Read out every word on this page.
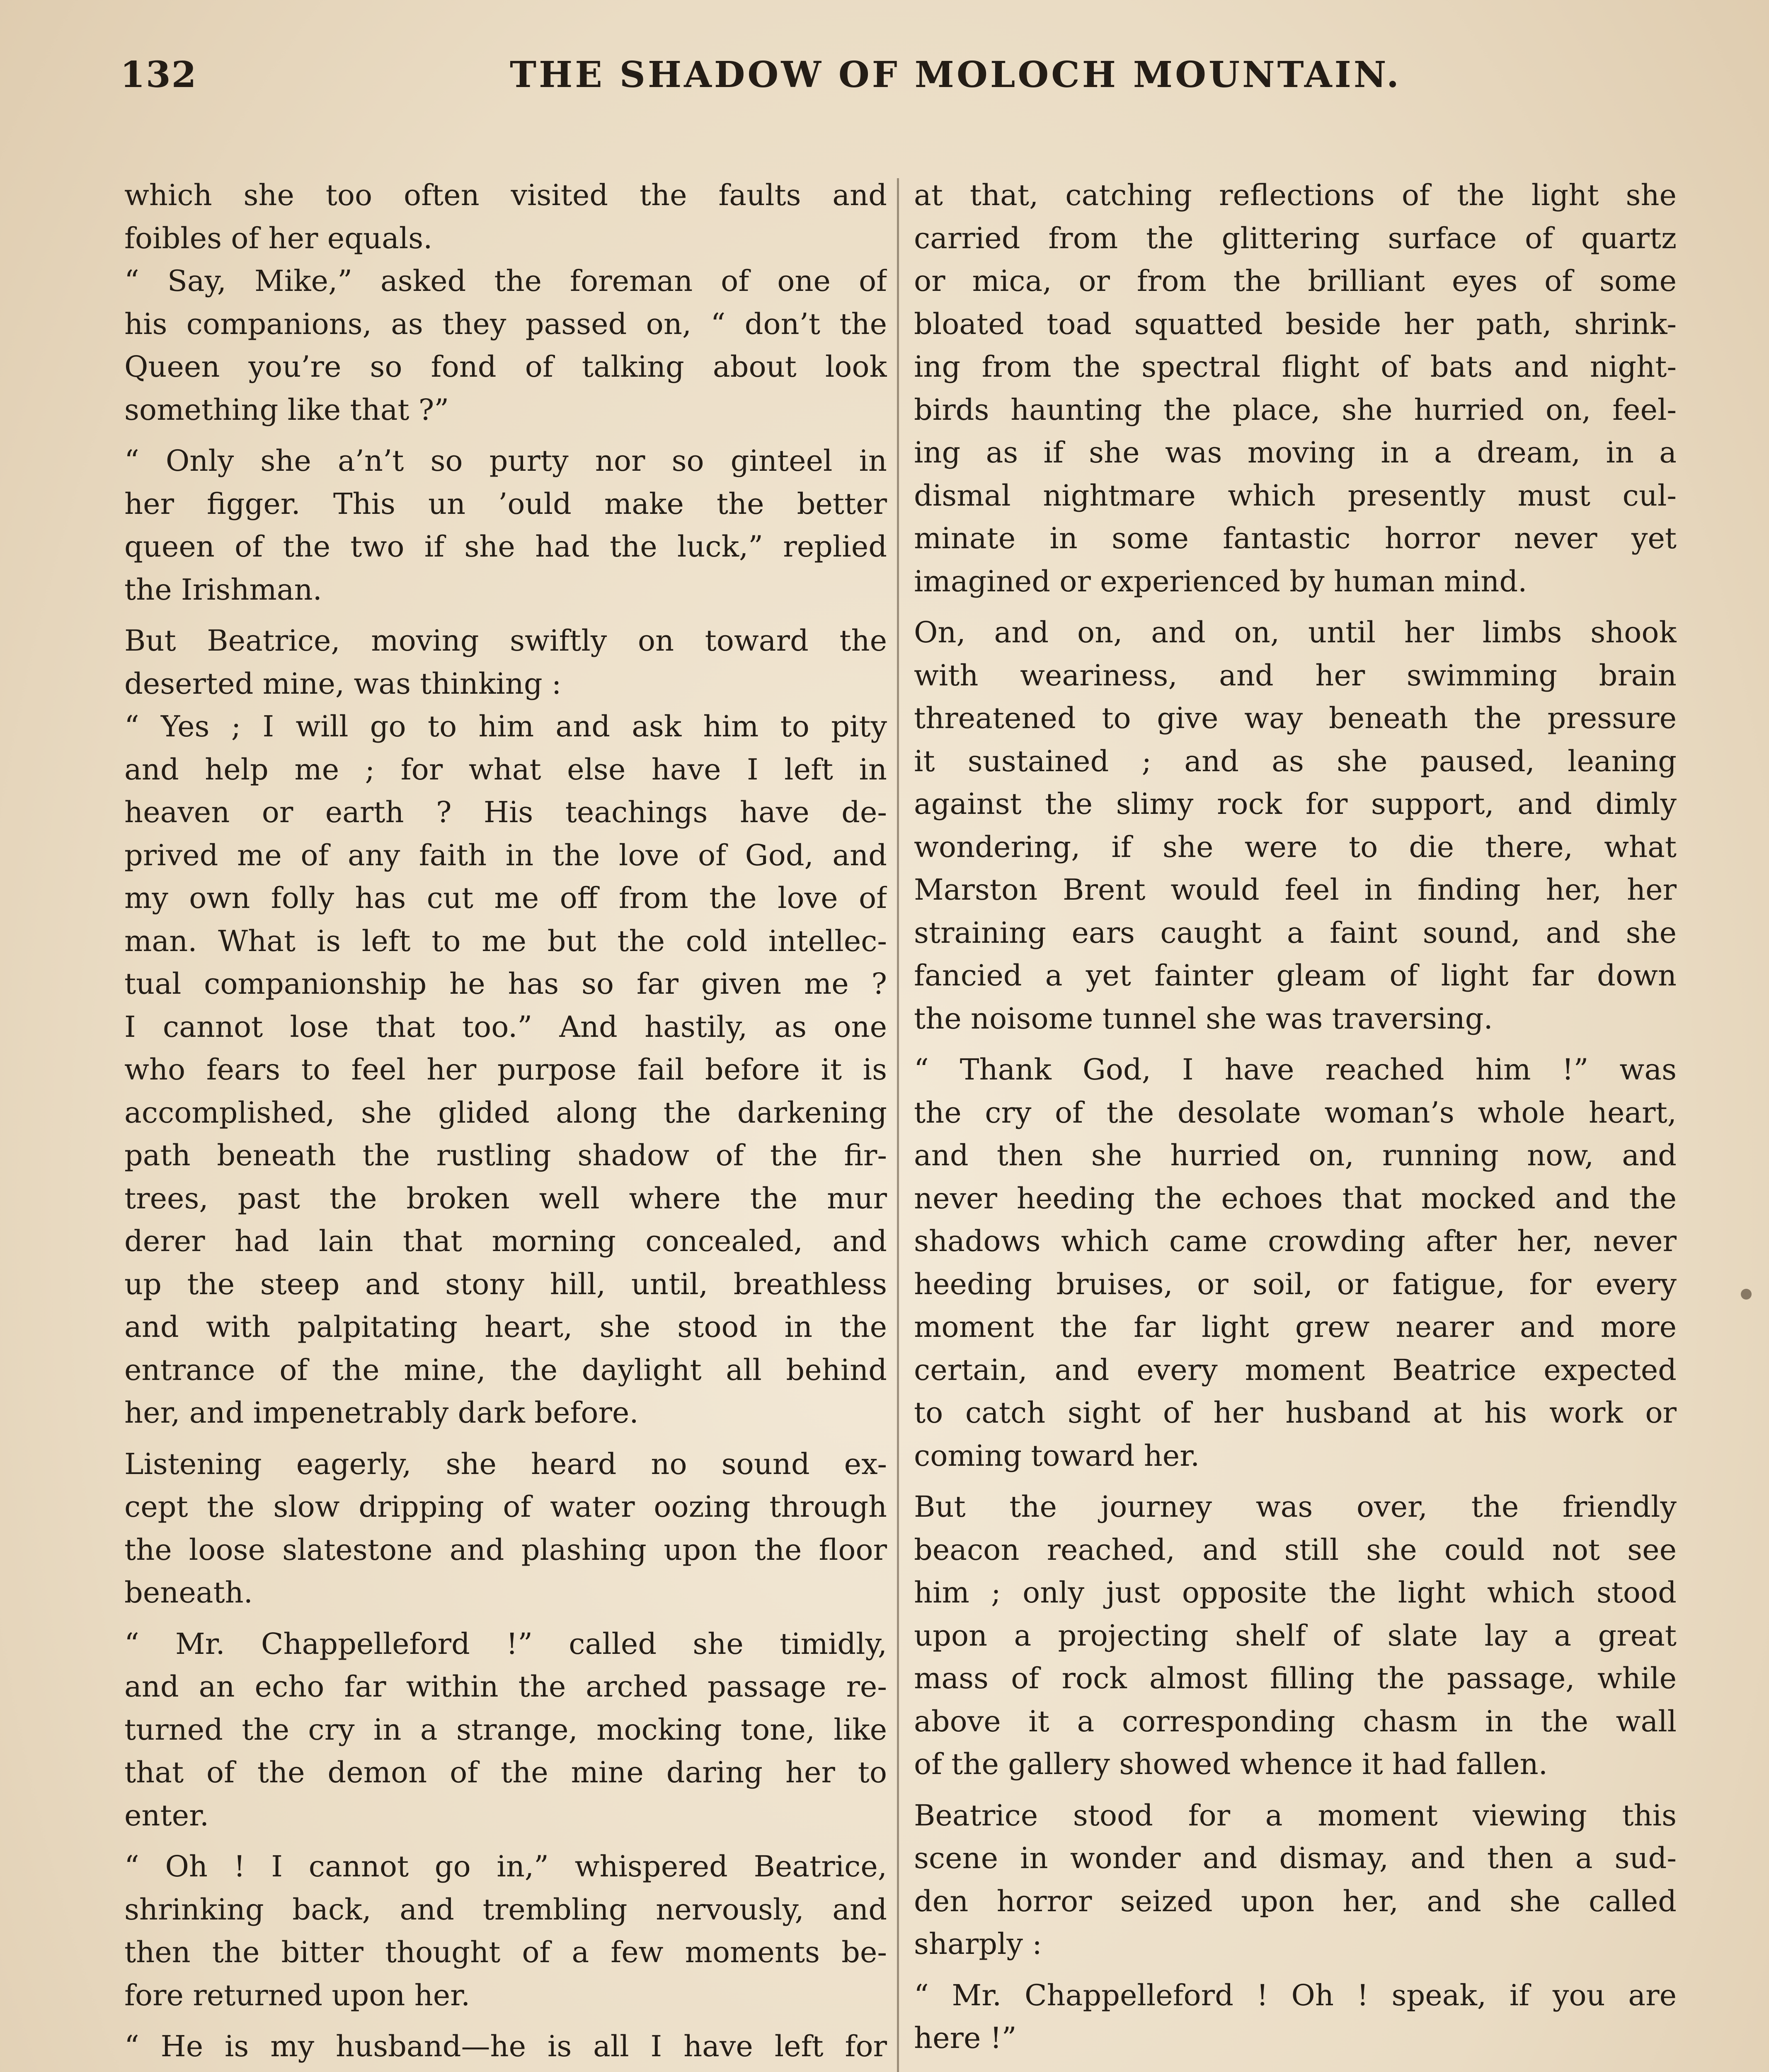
132	THE SHADOW OF MOLOCH MOUNTAIN.
which she too often visited the faults and
foibles of her equals.
“ Say, Mike,” asked the foreman of one of
his companions, as they passed on, “ don’t the
Queen you’re so fond of talking about look
something like that ?”
“ Only she a’n’t so purty nor so ginteel in
her figger. This un ’ould make the better
queen of the two if she had the luck,” replied
the Irishman.
But Beatrice, moving swiftly on toward the
deserted mine, was thinking :
“ Yes ; I will go to him and ask him to pity
and help me ; for what else have I left in
heaven or earth ? His teachings have de-
prived me of any faith in the love of God, and
my own folly has cut me off from the love of
man. What is left to me but the cold intellec-
tual companionship he has so far given me ?
I cannot lose that too.” And hastily, as one
who fears to feel her purpose fail before it is
accomplished, she glided along the darkening
path beneath the rustling shadow of the fir-
trees, past the broken well where the mur
derer had lain that morning concealed, and
up the steep and stony hill, until, breathless
and with palpitating heart, she stood in the
entrance of the mine, the daylight all behind
her, and impenetrably dark before.
Listening eagerly, she heard no sound ex-
cept the slow dripping of water oozing through
the loose slatestone and plashing upon the floor
beneath.
“ Mr. Chappelleford !” called she timidly,
and an echo far within the arched passage re-
turned the cry in a strange, mocking tone, like
that of the demon of the mine daring her to
enter.
“ Oh ! I cannot go in,” whispered Beatrice,
shrinking back, and trembling nervously, and
then the bitter thought of a few moments be-
fore returned upon her.
“ He is my husband—he is all I have left for
at that, catching reflections of the light she
carried from the glittering surface of quartz
or mica, or from the brilliant eyes of some
bloated toad squatted beside her path, shrink-
ing from the spectral flight of bats and night-
birds haunting the place, she hurried on, feel-
ing as if she was moving in a dream, in a
dismal nightmare which presently must cul-
minate in some fantastic horror never yet
imagined or experienced by human mind.
On, and on, and on, until her limbs shook
with weariness, and her swimming brain
threatened to give way beneath the pressure
it sustained ; and as she paused, leaning
against the slimy rock for support, and dimly
wondering, if she were to die there, what
Marston Brent would feel in finding her, her
straining ears caught a faint sound, and she
fancied a yet fainter gleam of light far down
the noisome tunnel she was traversing.
“ Thank God, I have reached him !” was
the cry of the desolate woman’s whole heart,
and then she hurried on, running now, and
never heeding the echoes that mocked and the
shadows which came crowding after her, never
heeding bruises, or soil, or fatigue, for every
moment the far light grew nearer and more
certain, and every moment Beatrice expected
to catch sight of her husband at his work or
coming toward her.
But the journey was over, the friendly
beacon reached, and still she could not see
him ; only just opposite the light which stood
upon a projecting shelf of slate lay a great
mass of rock almost filling the passage, while
above it a corresponding chasm in the wall
of the gallery showed whence it had fallen.
Beatrice stood for a moment viewing this
scene in wonder and dismay, and then a sud-
den horror seized upon her, and she called
sharply :
“ Mr. Chappelleford ! Oh ! speak, if you are
here !”
